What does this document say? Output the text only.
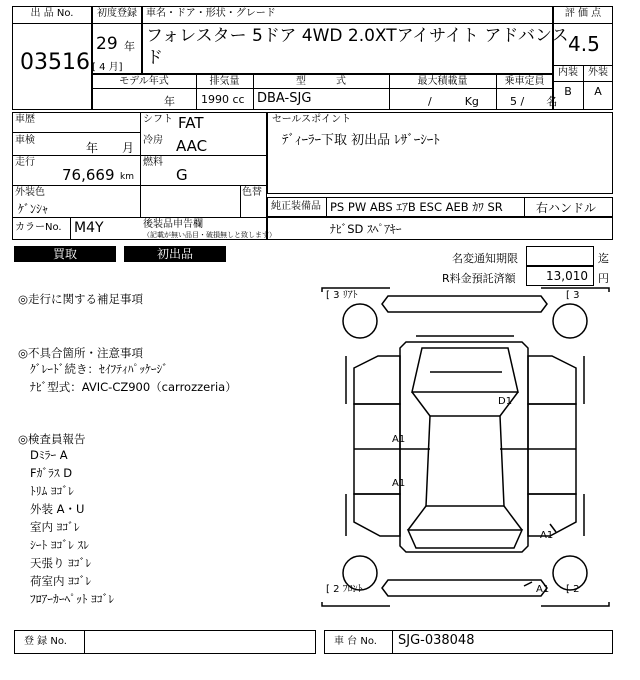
出 品 No.
03516
初度登録
29 年
[ 4 月]
車名・ドア・形状・グレード
フォレスター 5ドア 4WD 2.0XTアイサイト アドバンス
ド
評 価 点
4.5
内装	外装
B	A
モデル年式	排気量	型　　　式	最大積載量	乗車定員
年 1990 cc DBA-SJG	/　　　Kg	5 /　　名
車歴	シフト FAT
車検
年 月
冷房 AAC
走行
76,669 km
燃料
G
外装色
ｹﾞﾝｼｬ
色替
カラーNo. M4Y	後装品申告欄
（記載が無い品目・破損無しと致します）
セールスポイント
ﾃﾞｨｰﾗｰ下取 初出品 ﾚｻﾞｰｼｰﾄ
純正装備品 PS PW ABS ｴｱB ESC AEB ｶﾜ SR	右ハンドル
ﾅﾋﾞSD ｽﾍﾟｱｷｰ
買取	初出品	名変通知期限	迄
R料金預託済額	13,010 円
◎走行に関する補足事項
◎不具合箇所・注意事項
ｸﾞﾚｰﾄﾞ続き：ｾｲﾌﾃｨﾊﾟｯｹｰｼﾞ
ﾅﾋﾞ型式：AVIC-CZ900（carrozzeria）
◎検査員報告
Dﾐﾗｰ A
Fｶﾞﾗｽ D
ﾄﾘﾑ ﾖｺﾞﾚ
外装 A・U
室内 ﾖｺﾞﾚ
ｼｰﾄ ﾖｺﾞﾚ ｽﾚ
天張り ﾖｺﾞﾚ
荷室内 ﾖｺﾞﾚ
ﾌﾛｱｰｶｰﾍﾟｯﾄ ﾖｺﾞﾚ
[ 3 ﾘｱﾄ	[ 3
[ 2 ﾌﾛﾝﾄ	[ 2
D1
A1
A1
A1
A1
登 録 No.	車 台 No. SJG-038048
